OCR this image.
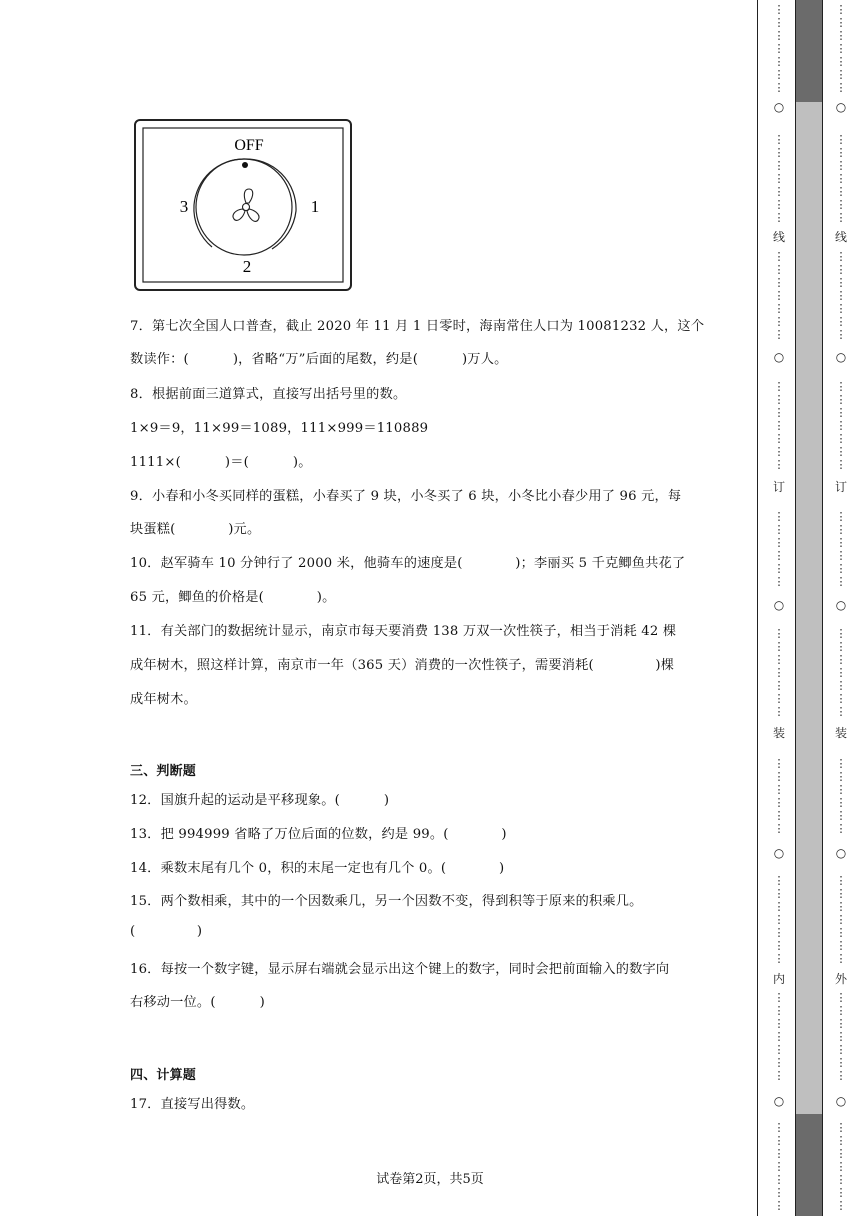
OFF
3	1
2
7．第七次全国人口普查，截止 2020 年 11 月 1 日零时，海南常住人口为 10081232 人，这个
数读作：(          )，省略“万”后面的尾数，约是(          )万人。
8．根据前面三道算式，直接写出括号里的数。
1×9＝9，11×99＝1089，111×999＝110889
1111×(          )＝(          )。
9．小春和小冬买同样的蛋糕，小春买了 9 块，小冬买了 6 块，小冬比小春少用了 96 元，每
块蛋糕(            )元。
10．赵军骑车 10 分钟行了 2000 米，他骑车的速度是(            )；李丽买 5 千克鲫鱼共花了
65 元，鲫鱼的价格是(            )。
11．有关部门的数据统计显示，南京市每天要消费 138 万双一次性筷子，相当于消耗 42 棵
成年树木，照这样计算，南京市一年（365 天）消费的一次性筷子，需要消耗(              )棵
成年树木。
三、判断题
12．国旗升起的运动是平移现象。(          )
13．把 994999 省略了万位后面的位数，约是 99。(            )
14．乘数末尾有几个 0，积的末尾一定也有几个 0。(            )
15．两个数相乘，其中的一个因数乘几，另一个因数不变，得到积等于原来的积乘几。
(              )
16．每按一个数字键，显示屏右端就会显示出这个键上的数字，同时会把前面输入的数字向
右移动一位。(          )
四、计算题
17．直接写出得数。
试卷第2页，共5页
○
线
○
订
○
装
○
内
○
○
线
○
订
○
装
○
外
○
⋮
⋮
⋮
⋮
⋮
⋮
⋮
⋮
⋮
⋮
⋮
⋮
⋮
⋮
⋮
⋮
⋮
⋮
⋮
⋮
⋮
⋮
⋮
⋮
⋮
⋮
⋮
⋮
⋮
⋮
⋮
⋮
⋮
⋮
⋮
⋮
⋮
⋮
⋮
⋮
⋮
⋮
⋮
⋮
⋮
⋮
⋮
⋮
⋮
⋮
⋮
⋮
⋮
⋮
⋮
⋮
⋮
⋮
⋮
⋮
⋮
⋮
⋮
⋮
⋮
⋮
⋮
⋮
⋮
⋮
⋮
⋮
⋮
⋮
⋮
⋮
⋮
⋮
⋮
⋮
⋮
⋮
⋮
⋮
⋮
⋮
⋮
⋮
⋮
⋮
⋮
⋮
⋮
⋮
⋮
⋮
⋮
⋮
⋮
⋮
⋮
⋮
⋮
⋮
⋮
⋮
⋮
⋮
⋮
⋮
⋮
⋮
⋮
⋮
⋮
⋮
⋮
⋮
⋮
⋮
⋮
⋮
⋮
⋮
⋮
⋮
⋮
⋮
⋮
⋮
⋮
⋮
⋮
⋮
⋮
⋮
